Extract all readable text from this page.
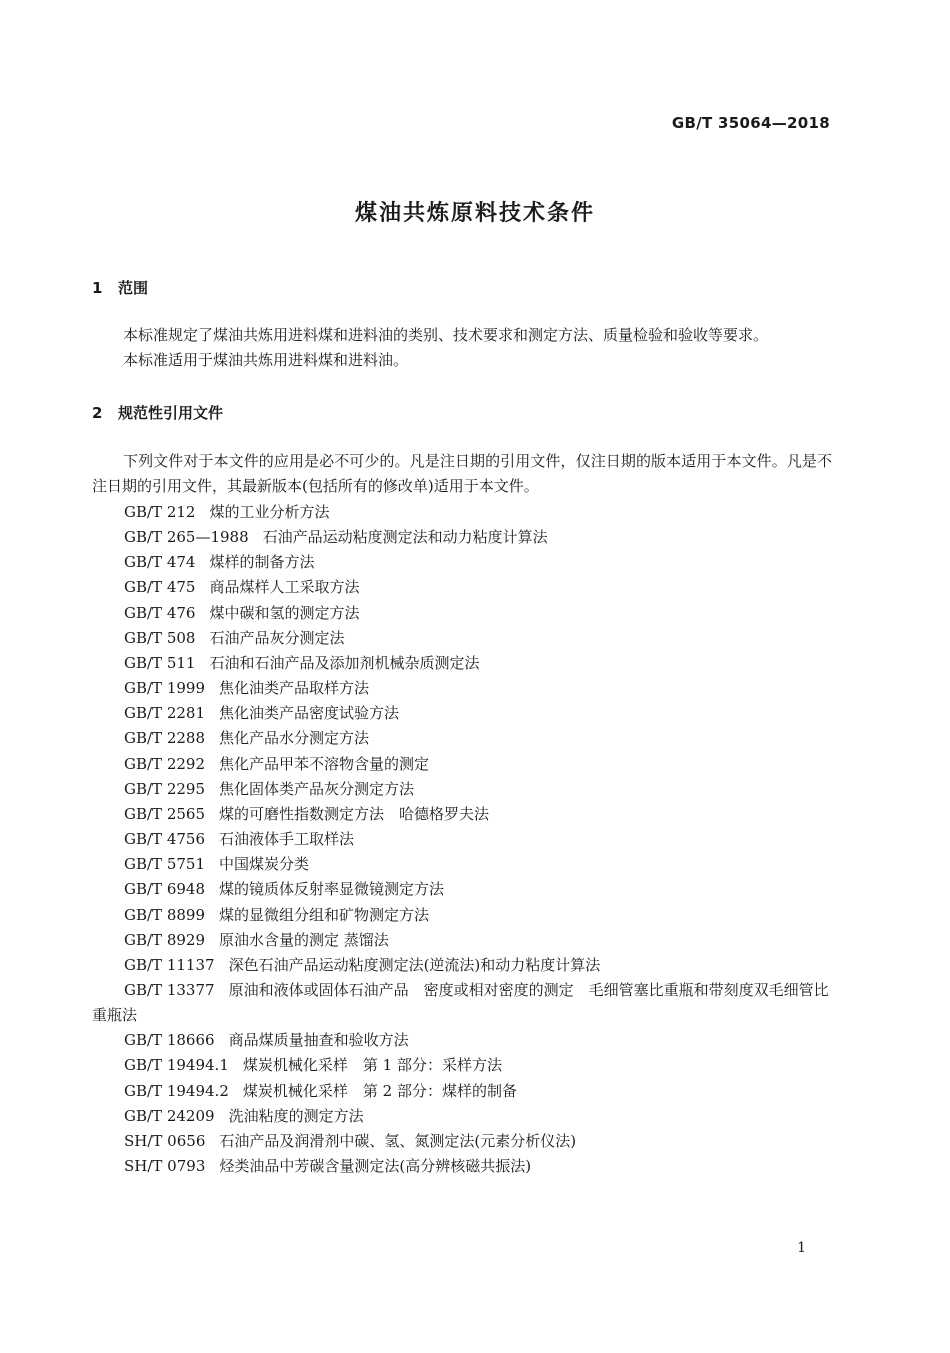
GB/T 35064—2018
煤油共炼原料技术条件
1 范围
本标准规定了煤油共炼用进料煤和进料油的类别、技术要求和测定方法、质量检验和验收等要求。
本标准适用于煤油共炼用进料煤和进料油。
2 规范性引用文件
下列文件对于本文件的应用是必不可少的。凡是注日期的引用文件，仅注日期的版本适用于本文件。凡是不注日期的引用文件，其最新版本(包括所有的修改单)适用于本文件。
GB/T 212 煤的工业分析方法
GB/T 265—1988 石油产品运动粘度测定法和动力粘度计算法
GB/T 474 煤样的制备方法
GB/T 475 商品煤样人工采取方法
GB/T 476 煤中碳和氢的测定方法
GB/T 508 石油产品灰分测定法
GB/T 511 石油和石油产品及添加剂机械杂质测定法
GB/T 1999 焦化油类产品取样方法
GB/T 2281 焦化油类产品密度试验方法
GB/T 2288 焦化产品水分测定方法
GB/T 2292 焦化产品甲苯不溶物含量的测定
GB/T 2295 焦化固体类产品灰分测定方法
GB/T 2565 煤的可磨性指数测定方法　哈德格罗夫法
GB/T 4756 石油液体手工取样法
GB/T 5751 中国煤炭分类
GB/T 6948 煤的镜质体反射率显微镜测定方法
GB/T 8899 煤的显微组分组和矿物测定方法
GB/T 8929 原油水含量的测定 蒸馏法
GB/T 11137 深色石油产品运动粘度测定法(逆流法)和动力粘度计算法
GB/T 13377 原油和液体或固体石油产品　密度或相对密度的测定　毛细管塞比重瓶和带刻度双毛细管比重瓶法
GB/T 18666 商品煤质量抽查和验收方法
GB/T 19494.1 煤炭机械化采样　第 1 部分：采样方法
GB/T 19494.2 煤炭机械化采样　第 2 部分：煤样的制备
GB/T 24209 洗油粘度的测定方法
SH/T 0656 石油产品及润滑剂中碳、氢、氮测定法(元素分析仪法)
SH/T 0793 烃类油品中芳碳含量测定法(高分辨核磁共振法)
1
